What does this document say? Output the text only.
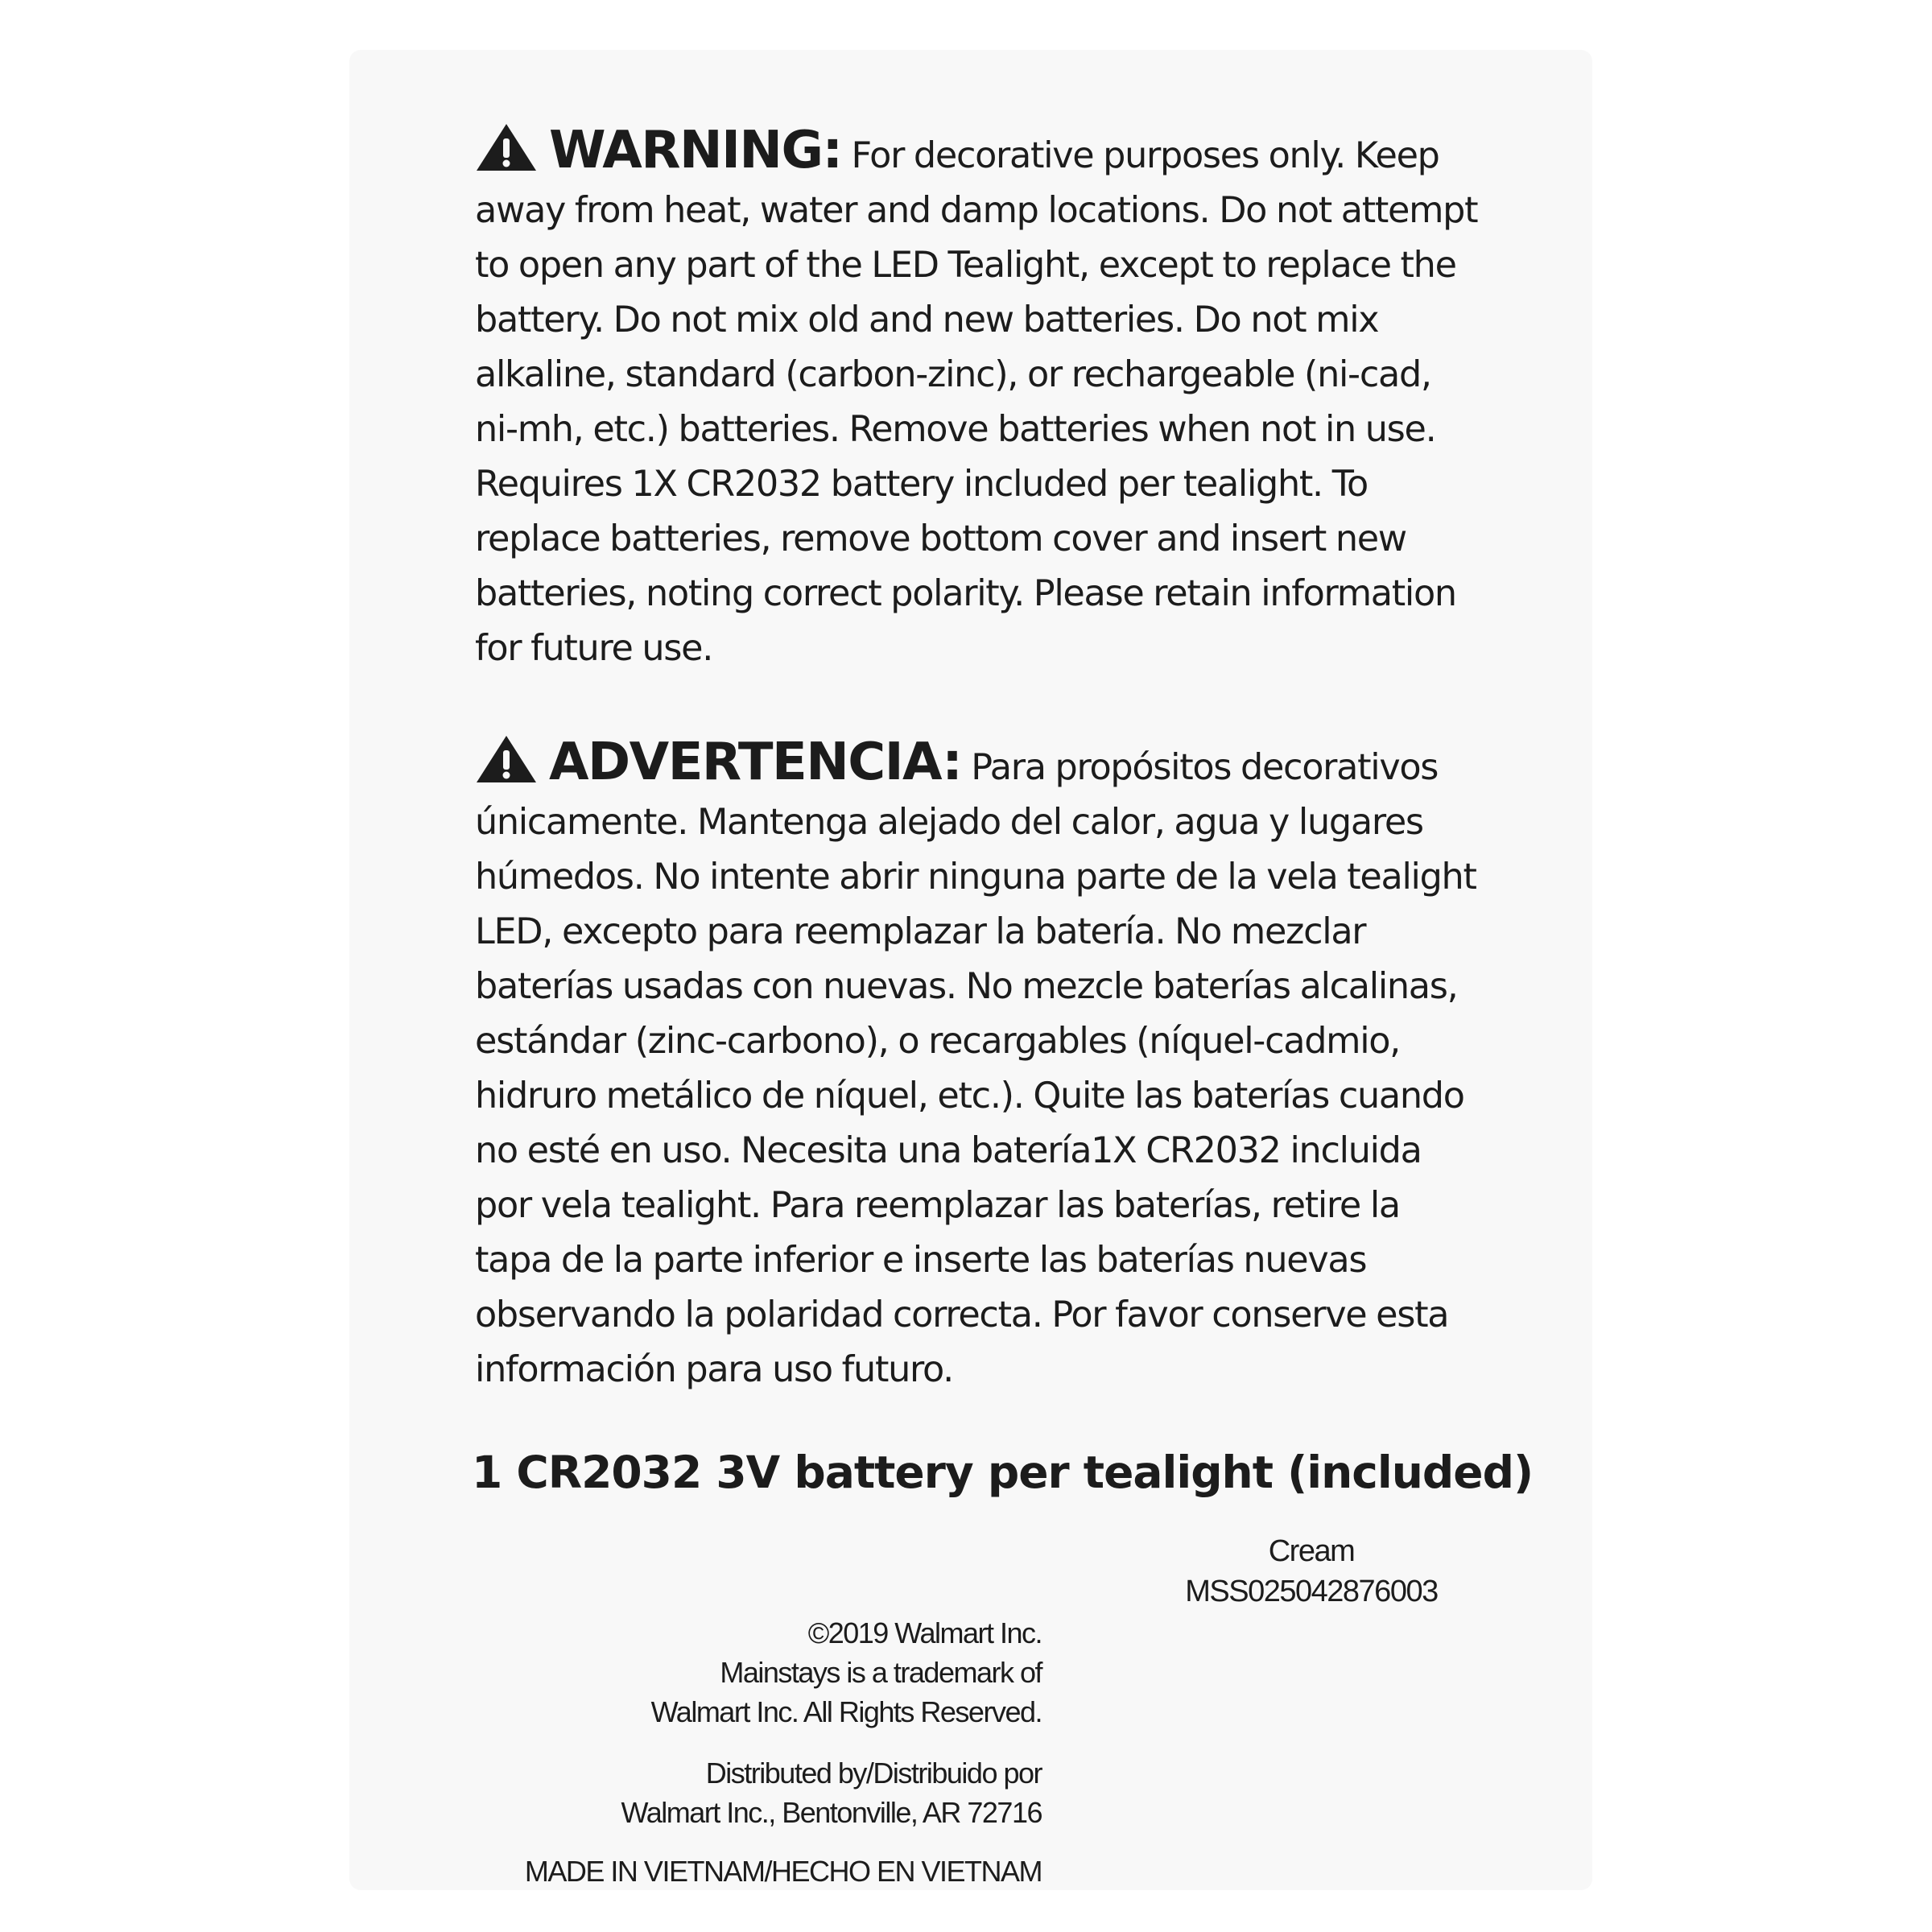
WARNING: For decorative purposes only. Keep away from heat, water and damp locations. Do not attempt to open any part of the LED Tealight, except to replace the battery. Do not mix old and new batteries. Do not mix alkaline, standard (carbon-zinc), or rechargeable (ni-cad, ni-mh, etc.) batteries. Remove batteries when not in use. Requires 1X CR2032 battery included per tealight. To replace batteries, remove bottom cover and insert new batteries, noting correct polarity. Please retain information for future use.
ADVERTENCIA: Para propósitos decorativos únicamente. Mantenga alejado del calor, agua y lugares húmedos. No intente abrir ninguna parte de la vela tealight LED, excepto para reemplazar la batería. No mezclar baterías usadas con nuevas. No mezcle baterías alcalinas, estándar (zinc-carbono), o recargables (níquel-cadmio, hidruro metálico de níquel, etc.). Quite las baterías cuando no esté en uso. Necesita una batería1X CR2032 incluida por vela tealight. Para reemplazar las baterías, retire la tapa de la parte inferior e inserte las baterías nuevas observando la polaridad correcta. Por favor conserve esta información para uso futuro.
1 CR2032 3V battery per tealight (included)
Cream
MSS025042876003

©2019 Walmart Inc.

Mainstays is a trademark of

Walmart Inc. All Rights Reserved.

Distributed by/Distribuido por

Walmart Inc., Bentonville, AR 72716

MADE IN VIETNAM/HECHO EN VIETNAM
